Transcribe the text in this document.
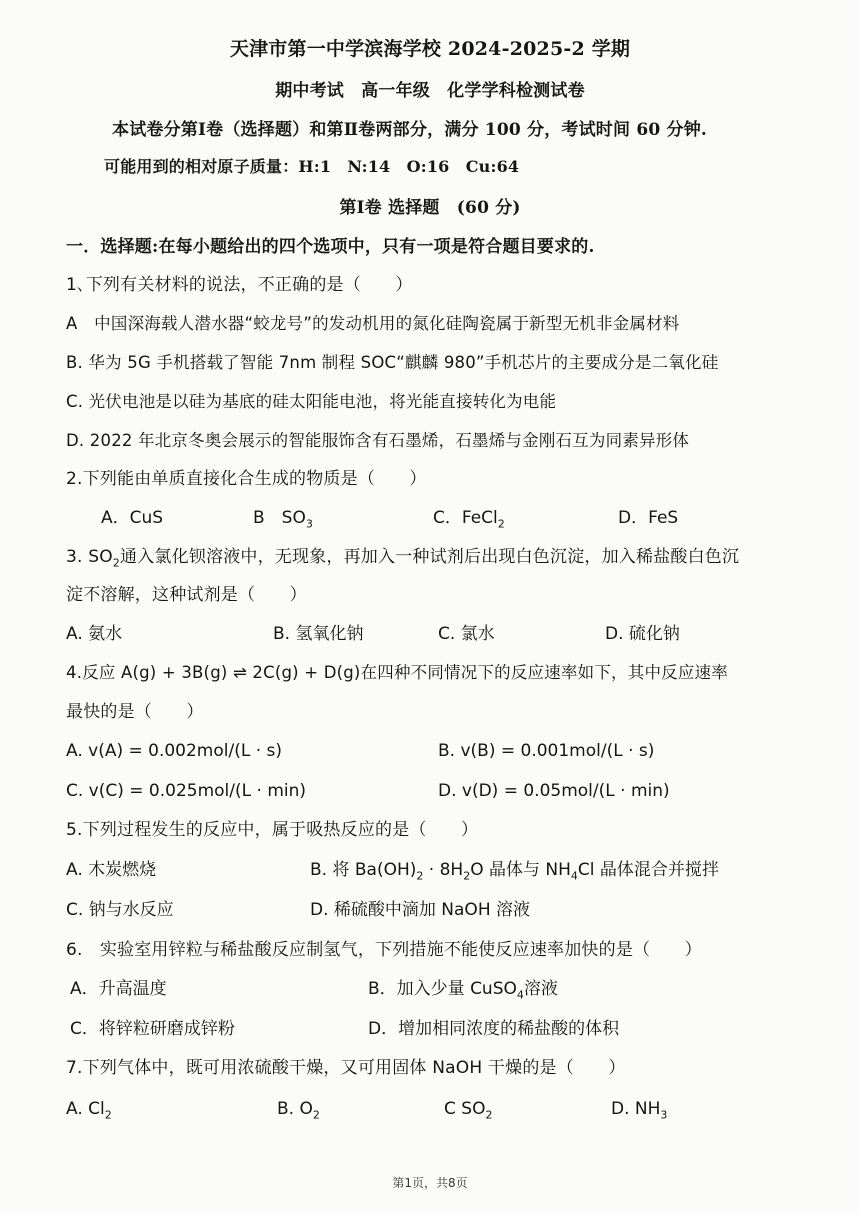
天津市第一中学滨海学校 2024-2025-2 学期
期中考试　高一年级　化学学科检测试卷
本试卷分第Ⅰ卷（选择题）和第Ⅱ卷两部分，满分 100 分，考试时间 60 分钟.
可能用到的相对原子质量：H:1　N:14　O:16　Cu:64
第Ⅰ卷 选择题　(60 分)
一．选择题:在每小题给出的四个选项中，只有一项是符合题目要求的.
1､下列有关材料的说法，不正确的是（　　）
A　中国深海载人潜水器“蛟龙号”的发动机用的氮化硅陶瓷属于新型无机非金属材料
B. 华为 5G 手机搭载了智能 7nm 制程 SOC“麒麟 980”手机芯片的主要成分是二氧化硅
C. 光伏电池是以硅为基底的硅太阳能电池，将光能直接转化为电能
D. 2022 年北京冬奥会展示的智能服饰含有石墨烯，石墨烯与金刚石互为同素异形体
2.下列能由单质直接化合生成的物质是（　　）
A．CuS	B　$SO_3$	C．FeCl$_2$	D．FeS
3. $SO_2$通入氯化钡溶液中，无现象，再加入一种试剂后出现白色沉淀，加入稀盐酸白色沉
淀不溶解，这种试剂是（　　）
A. 氨水	B. 氢氧化钠	C. 氯水	D. 硫化钠
4.反应 A(g) + 3B(g) ⇌ 2C(g) + D(g)在四种不同情况下的反应速率如下，其中反应速率
最快的是（　　）
A. v(A) = 0.002mol/(L · s)	B. v(B) = 0.001mol/(L · s)
C. v(C) = 0.025mol/(L · min)	D. v(D) = 0.05mol/(L · min)
5.下列过程发生的反应中，属于吸热反应的是（　　）
A. 木炭燃烧	B. 将 $Ba(OH)_2 \cdot 8H_2O$ 晶体与 $NH_4Cl$ 晶体混合并搅拌
C. 钠与水反应	D. 稀硫酸中滴加 NaOH 溶液
6.　实验室用锌粒与稀盐酸反应制氢气，下列措施不能使反应速率加快的是（　　）
A．升高温度	B．加入少量 CuSO$_4$溶液
C．将锌粒研磨成锌粉	D．增加相同浓度的稀盐酸的体积
7.下列气体中，既可用浓硫酸干燥，又可用固体 NaOH 干燥的是（　　）
A. $Cl_2$	B. $O_2$	C $SO_2$	D. $NH_3$
第1页，共8页
